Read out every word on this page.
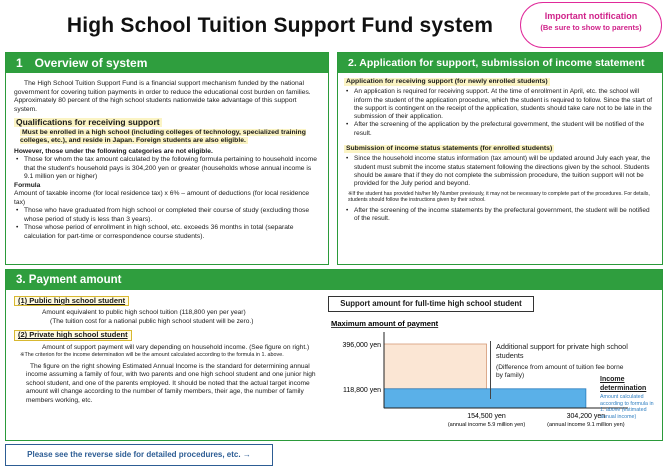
High School Tuition Support Fund system	Important notification
(Be sure to show to parents)
1　Overview of system

The High School Tuition Support Fund is a financial support mechanism funded by the national government for covering tuition payments in order to reduce the educational cost burden on families. Approximately 80 percent of the high school students nationwide take advantage of this support system.

Qualifications for receiving support

Must be enrolled in a high school (including colleges of technology, specialized training colleges, etc.), and reside in Japan. Foreign students are also eligible.

However, those under the following categories are not eligible.

• Those for whom the tax amount calculated by the following formula pertaining to household income that the student's household pays is 304,200 yen or greater (households whose annual income is 9.1 million yen or higher)

Formula

Amount of taxable income (for local residence tax) x 6% – amount of deductions (for local residence tax)

• Those who have graduated from high school or completed their course of study (excluding those whose period of study is less than 3 years).
• Those whose period of enrollment in high school, etc. exceeds 36 months in total (separate calculation for part-time or correspondence course students).
2. Application for support, submission of income statement
Application for receiving support (for newly enrolled students)
• An application is required for receiving support. At the time of enrollment in April, etc. the school will inform the student of the application procedure, which the student is required to follow. Since the start of the support is contingent on the receipt of the application, students should take care not to be late in the submission of their application.
• After the screening of the application by the prefectural government, the student will be notified of the result.
Submission of income status statements (for enrolled students)
• Since the household income status information (tax amount) will be updated around July each year, the student must submit the income status statement following the directions given by the school. Students should be aware that if they do not complete the submission procedure, the tuition support will not be provided for the July period and beyond.

※If the student has provided his/her My Number previously, it may not be necessary to complete part of the procedures. For details, students should follow the instructions given by their school.

• After the screening of the income statements by the prefectural government, the student will be notified of the result.
3. Payment amount
(1) Public high school student

Amount equivalent to public high school tuition (118,800 yen per year)

(The tuition cost for a national public high school student will be zero.)

(2) Private high school student

Amount of support payment will vary depending on household income. (See figure on right.)

※The criterion for the income determination will be the amount calculated according to the formula in 1. above.

The figure on the right showing Estimated Annual Income is the standard for determining annual income assuming a family of four, with two parents and one high school student and one junior high school student, and one of the parents employed. It should be noted that the actual target income amount will change according to the number of family members, their age, the number of family members working, etc.

Support amount for full-time high school student
Maximum amount of payment
396,000 yen
118,800 yen
154,500 yen
(annual income 5.9 million yen)
304,200 yen
(annual income 9.1 million yen)
Additional support for private high school students
(Difference from amount of tuition fee borne by family)
Income determination
Amount calculated according to formula in 1. above (estimated annual income)
Please see the reverse side for detailed procedures, etc. →
